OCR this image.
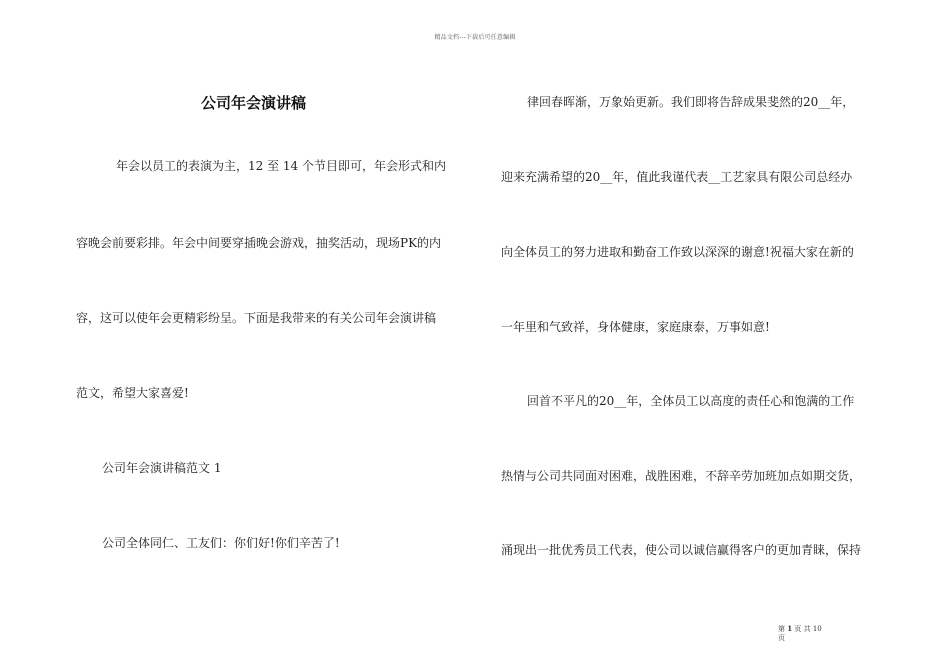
精品文档---下载后可任意编辑
公司年会演讲稿
年会以员工的表演为主，12 至 14 个节目即可，年会形式和内
容晚会前要彩排。年会中间要穿插晚会游戏，抽奖活动，现场PK的内
容，这可以使年会更精彩纷呈。下面是我带来的有关公司年会演讲稿
范文，希望大家喜爱!
公司年会演讲稿范文 1
公司全体同仁、工友们：你们好!你们辛苦了!
律回春晖渐，万象始更新。我们即将告辞成果斐然的20__年，
迎来充满希望的20__年，值此我谨代表__工艺家具有限公司总经办
向全体员工的努力进取和勤奋工作致以深深的谢意!祝福大家在新的
一年里和气致祥，身体健康，家庭康泰，万事如意!
回首不平凡的20__年，全体员工以高度的责任心和饱满的工作
热情与公司共同面对困难，战胜困难，不辞辛劳加班加点如期交货，
涌现出一批优秀员工代表，使公司以诚信赢得客户的更加青睐，保持
第 1 页 共 10
页
